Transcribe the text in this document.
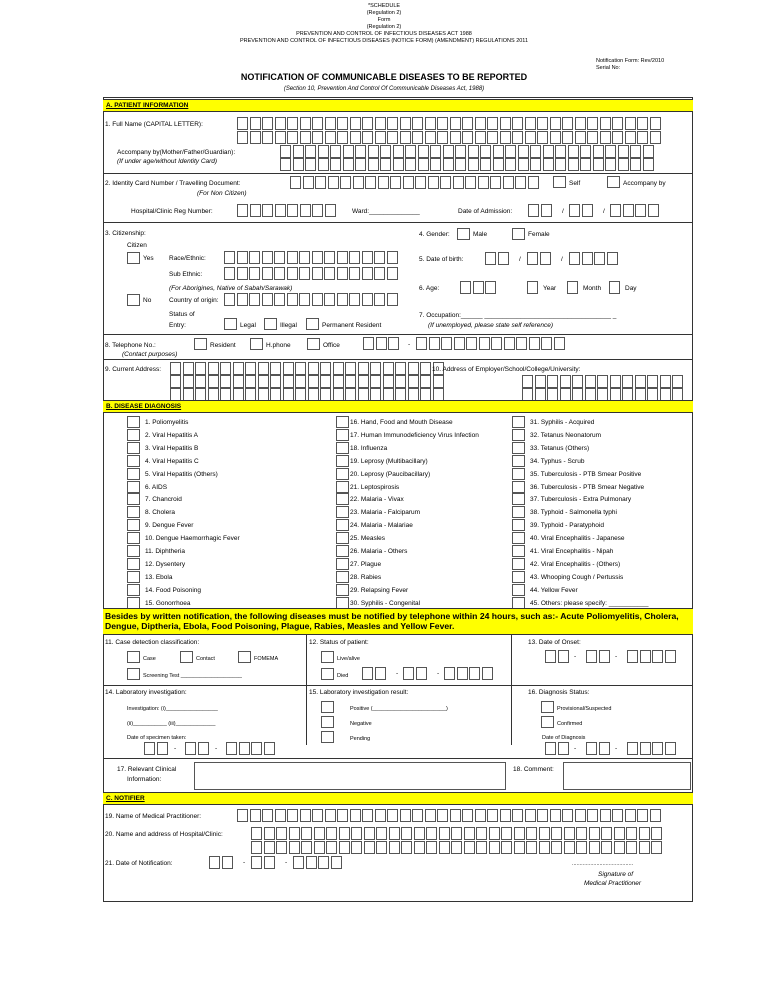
*SCHEDULE
(Regulation 2)
Form
(Regulation 2)
PREVENTION AND CONTROL OF INFECTIOUS DISEASES ACT 1988
PREVENTION AND CONTROL OF INFECTIOUS DISEASES (NOTICE FORM) (AMENDMENT) REGULATIONS 2011
Notification Form: Rev/2010
Serial No:
NOTIFICATION OF COMMUNICABLE DISEASES TO BE REPORTED
(Section 10, Prevention And Control Of Communicable Diseases Act, 1988)
A. PATIENT INFORMATION
1. Full Name (CAPITAL LETTER):
Accompany by(Mother/Father/Guardian):
(If under age/without Identity Card)
2. Identity Card Number / Travelling Document:
(For Non Citizen)
Self	Accompany by
Hospital/Clinic Reg Number:	Ward:______________	Date of Admission:	/	/
3. Citizenship:
Citizen
Yes Race/Ethnic:
Sub Ethnic:
(For Aborigines, Native of Sabah/Sarawak)
No	Country of origin:
Status of
Entry:	Legal	Illegal	Permanent Resident
4. Gender:	Male	Female
5. Date of birth:	/	/
6. Age:	Year	Month	Day
7. Occupation:______ ___________________________________ _
(If unemployed, please state self reference)
8. Telephone No.:
(Contact purposes)
Resident	H.phone	Office	-
9. Current Address:	10. Address of Employer/School/College/University:
B. DISEASE DIAGNOSIS
1. Poliomyelitis
2. Viral Hepatitis A
3. Viral Hepatitis B
4. Viral Hepatitis C
5. Viral Hepatitis (Others)
6. AIDS
7. Chancroid
8. Cholera
9. Dengue Fever
10. Dengue Haemorrhagic Fever
11. Diphtheria
12. Dysentery
13. Ebola
14. Food Poisoning
15. Gonorrhoea
16. Hand, Food and Mouth Disease
17. Human Immunodeficiency Virus Infection
18. Influenza
19. Leprosy (Multibacillary)
20. Leprosy (Paucibacillary)
21. Leptospirosis
22. Malaria - Vivax
23. Malaria - Falciparum
24. Malaria - Malariae
25. Measles
26. Malaria - Others
27. Plague
28. Rabies
29. Relapsing Fever
30. Syphilis - Congenital
31. Syphilis - Acquired
32. Tetanus Neonatorum
33. Tetanus (Others)
34. Typhus - Scrub
35. Tuberculosis - PTB Smear Positive
36. Tuberculosis - PTB Smear Negative
37. Tuberculosis - Extra Pulmonary
38. Typhoid - Salmonella typhi
39. Typhoid - Paratyphoid
40. Viral Encephalitis - Japanese
41. Viral Encephalitis - Nipah
42. Viral Encephalitis - (Others)
43. Whooping Cough / Pertussis
44. Yellow Fever
45. Others: please specify: ___________
Besides by written notification, the following diseases must be notified by telephone within 24 hours, such as:- Acute Poliomyelitis, Cholera, Dengue, Diptheria, Ebola, Food Poisoning, Plague, Rabies, Measles and Yellow Fever.
11. Case detection classification:
Case	Contact	FOMEMA
Screening Test ____________________
12. Status of patient:
Live/alive
Died	-	-
13. Date of Onset:
-	-
14. Laboratory investigation:
Investigation: (i)_________________
(ii)___________ (iii)_____________
Date of specimen taken:
-	-
15. Laboratory investigation result:
Positive (________________________)
Negative
Pending
16. Diagnosis Status:
Provisional/Suspected
Confirmed
Date of Diagnosis
-	-
17. Relevant Clinical
Information:
18. Comment:
C. NOTIFIER
19. Name of Medical Practitioner:
20. Name and address of Hospital/Clinic:
21. Date of Notification:	-	-	........................................
Signature of
Medical Practitioner
